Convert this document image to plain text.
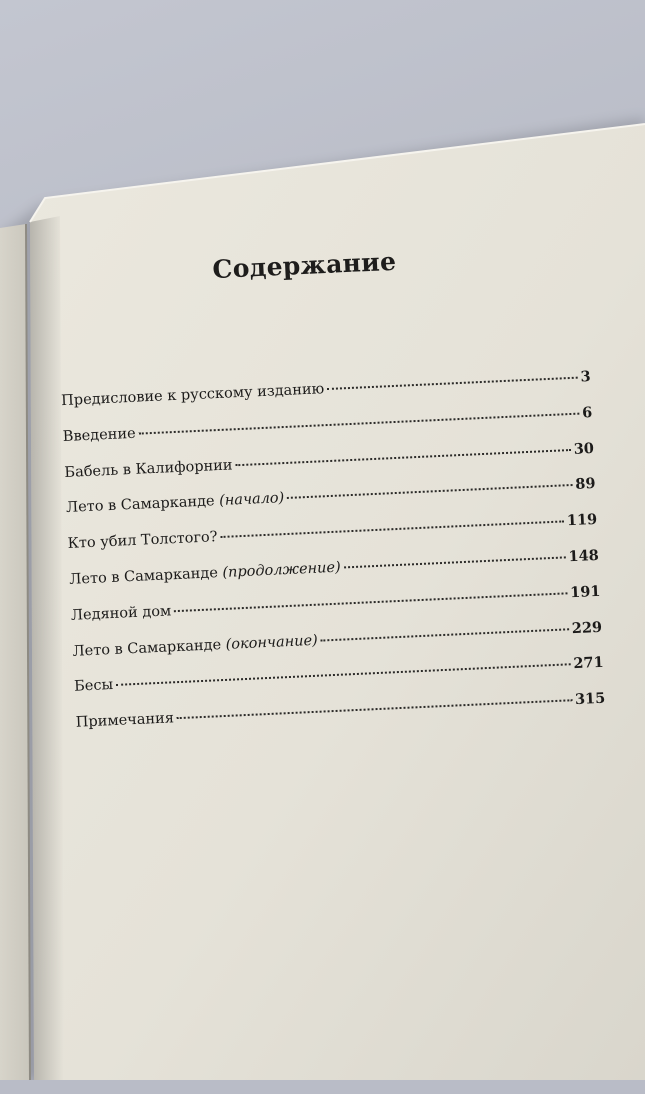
Содержание
Предисловие к русскому изданию
3
Введение
6
Бабель в Калифорнии
30
Лето в Самарканде (начало)
89
Кто убил Толстого?
119
Лето в Самарканде (продолжение)
148
Ледяной дом
191
Лето в Самарканде (окончание)
229
Бесы
271
Примечания
315
